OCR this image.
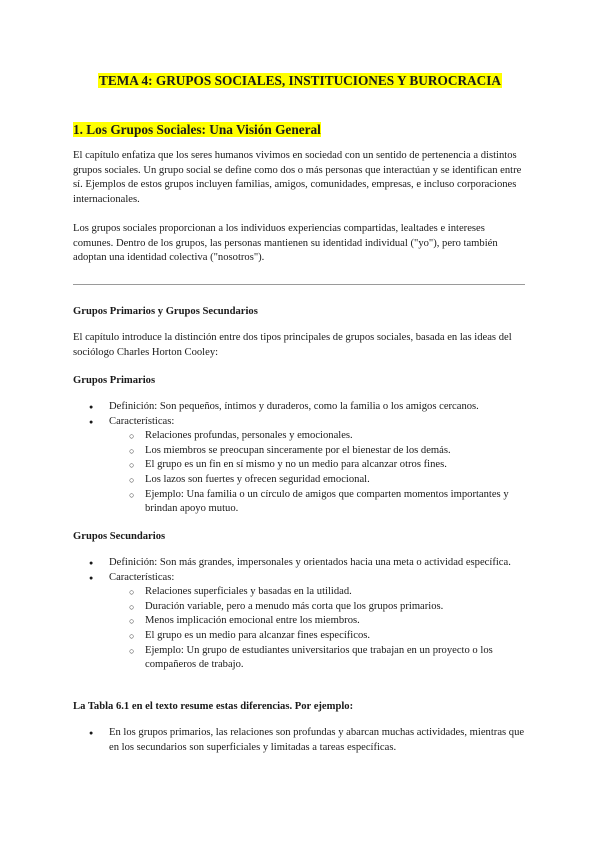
TEMA 4: GRUPOS SOCIALES, INSTITUCIONES Y BUROCRACIA
1. Los Grupos Sociales: Una Visión General

El capítulo enfatiza que los seres humanos vivimos en sociedad con un sentido de pertenencia a distintos grupos sociales. Un grupo social se define como dos o más personas que interactúan y se identifican entre sí. Ejemplos de estos grupos incluyen familias, amigos, comunidades, empresas, e incluso corporaciones internacionales.

Los grupos sociales proporcionan a los individuos experiencias compartidas, lealtades e intereses comunes. Dentro de los grupos, las personas mantienen su identidad individual ("yo"), pero también adoptan una identidad colectiva ("nosotros").

Grupos Primarios y Grupos Secundarios

El capítulo introduce la distinción entre dos tipos principales de grupos sociales, basada en las ideas del sociólogo Charles Horton Cooley:

Grupos Primarios
● Definición: Son pequeños, íntimos y duraderos, como la familia o los amigos cercanos.
● Características:
○ Relaciones profundas, personales y emocionales.
○ Los miembros se preocupan sinceramente por el bienestar de los demás.
○ El grupo es un fin en sí mismo y no un medio para alcanzar otros fines.
○ Los lazos son fuertes y ofrecen seguridad emocional.
○ Ejemplo: Una familia o un círculo de amigos que comparten momentos importantes y brindan apoyo mutuo.
Grupos Secundarios
● Definición: Son más grandes, impersonales y orientados hacia una meta o actividad específica.
● Características:
○ Relaciones superficiales y basadas en la utilidad.
○ Duración variable, pero a menudo más corta que los grupos primarios.
○ Menos implicación emocional entre los miembros.
○ El grupo es un medio para alcanzar fines específicos.
○ Ejemplo: Un grupo de estudiantes universitarios que trabajan en un proyecto o los compañeros de trabajo.
La Tabla 6.1 en el texto resume estas diferencias. Por ejemplo:
● En los grupos primarios, las relaciones son profundas y abarcan muchas actividades, mientras que en los secundarios son superficiales y limitadas a tareas específicas.
